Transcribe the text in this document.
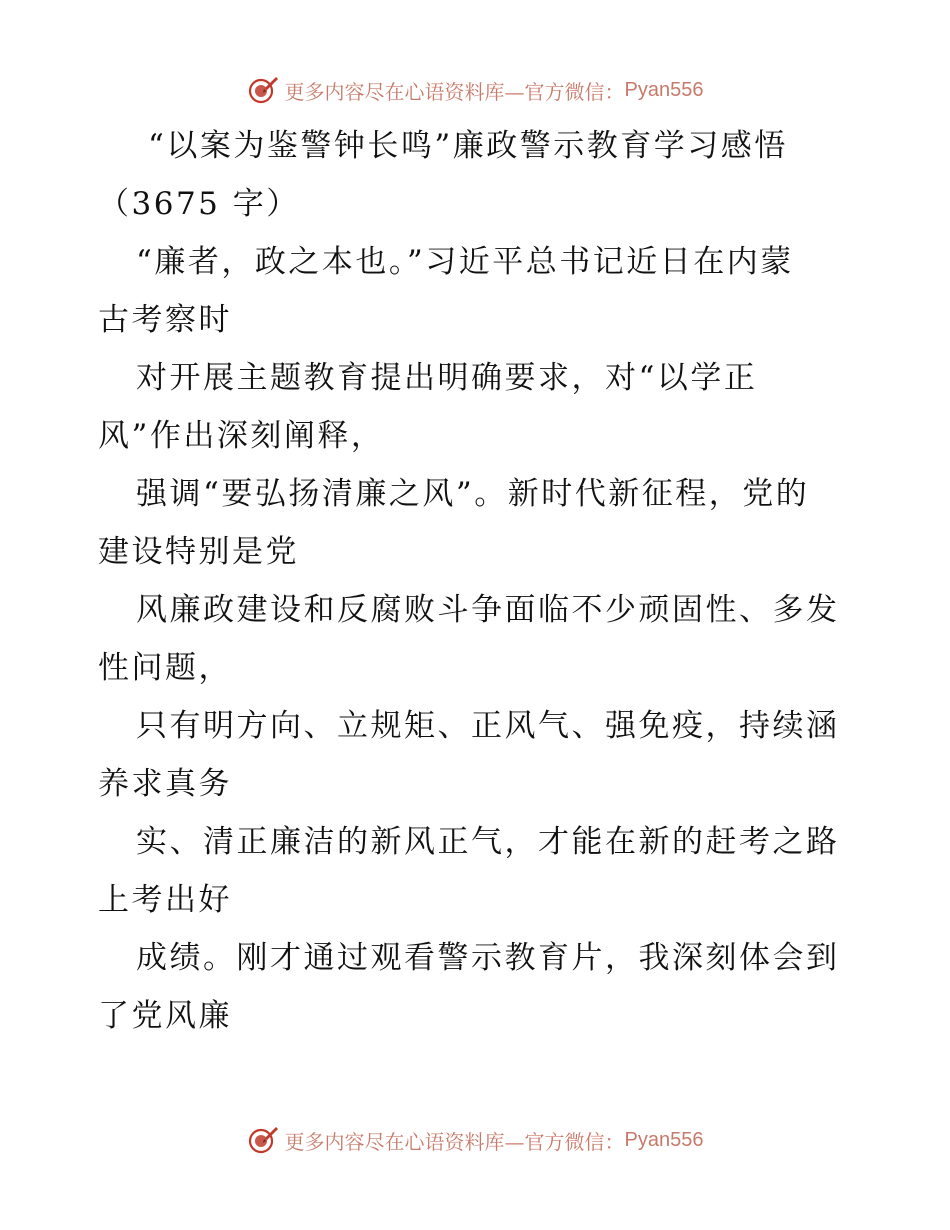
更多内容尽在心语资料库—官方微信： Pyan556
“以案为鉴警钟长鸣”廉政警示教育学习感悟
（3675 字）
“廉者，政之本也。”习近平总书记近日在内蒙
古考察时
对开展主题教育提出明确要求，对“以学正
风”作出深刻阐释，
强调“要弘扬清廉之风”。新时代新征程，党的
建设特别是党
风廉政建设和反腐败斗争面临不少顽固性、多发
性问题，
只有明方向、立规矩、正风气、强免疫，持续涵
养求真务
实、清正廉洁的新风正气，才能在新的赶考之路
上考出好
成绩。刚才通过观看警示教育片，我深刻体会到
了党风廉
更多内容尽在心语资料库—官方微信： Pyan556
